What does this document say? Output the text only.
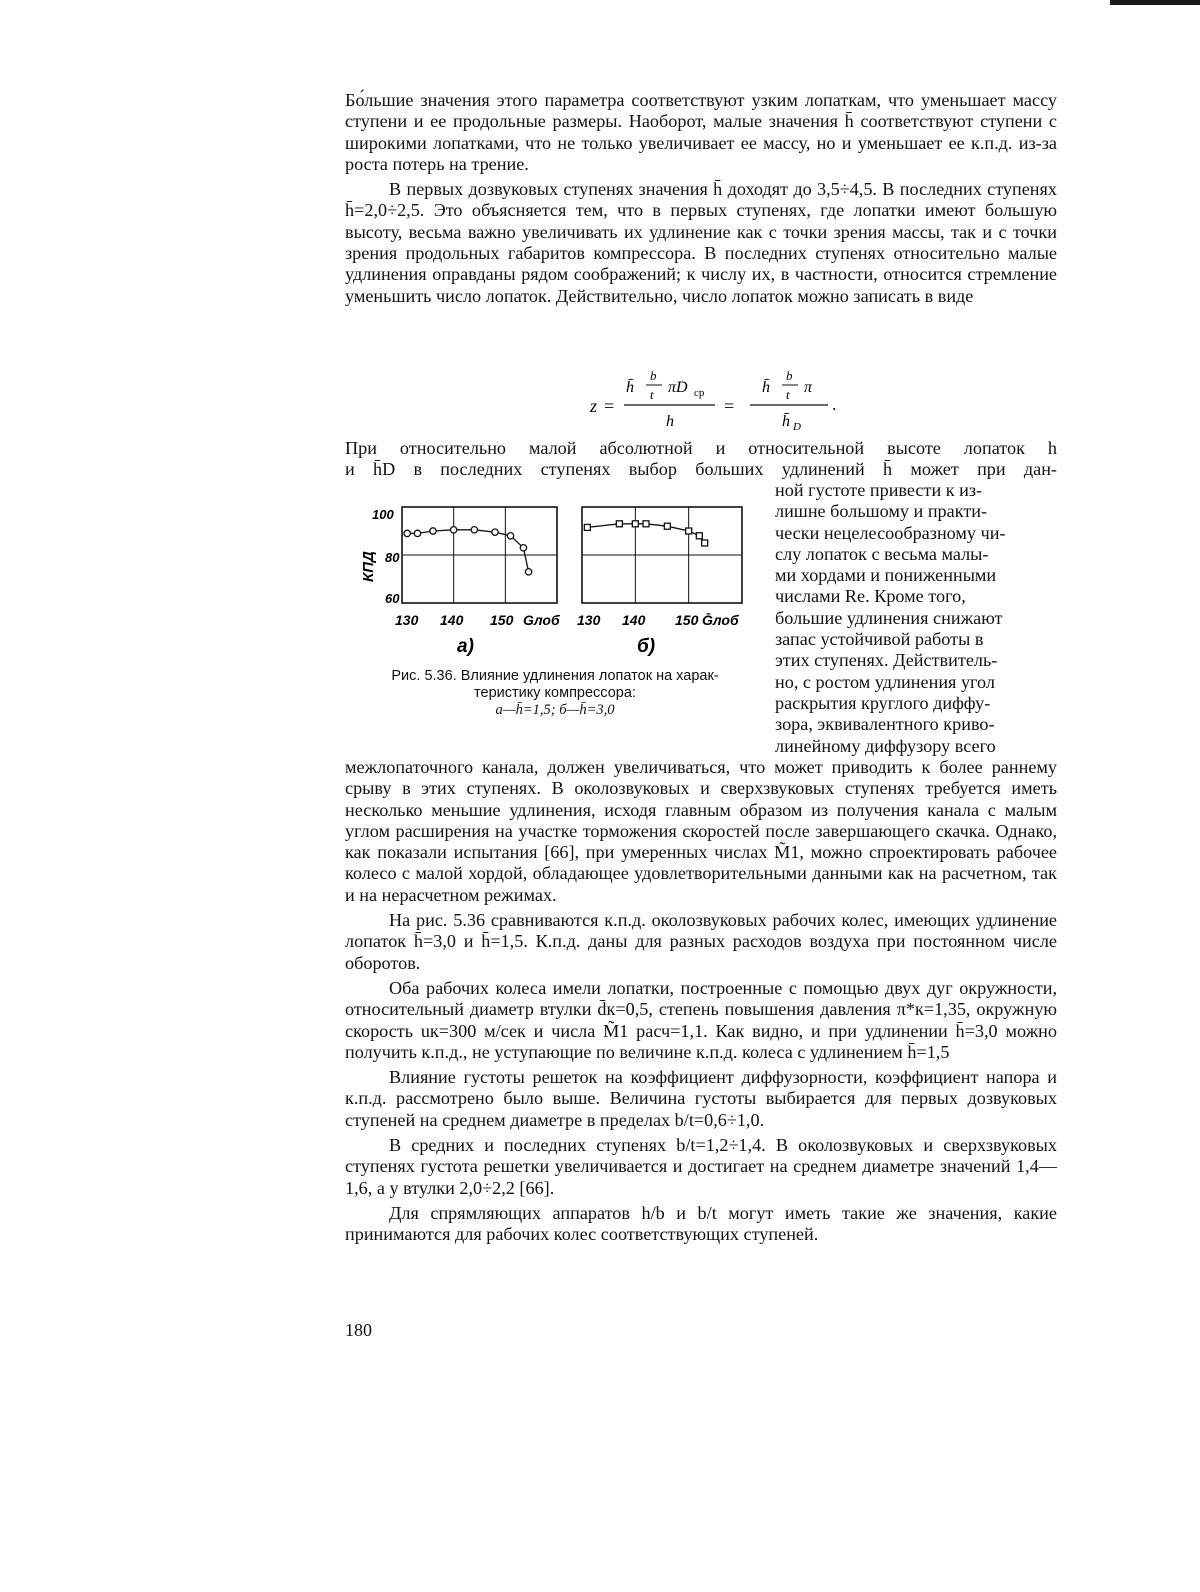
Бо́льшие значения этого параметра соответствуют узким лопаткам, что уменьшает массу ступени и ее продольные размеры. Наоборот, малые значения h̄ соответствуют ступени с широкими лопатками, что не только увеличивает ее массу, но и уменьшает ее к.п.д. из-за роста потерь на трение.

В первых дозвуковых ступенях значения h̄ доходят до 3,5÷4,5. В последних ступенях h̄=2,0÷2,5. Это объясняется тем, что в первых ступенях, где лопатки имеют большую высоту, весьма важно увеличивать их удлинение как с точки зрения массы, так и с точки зрения продольных габаритов компрессора. В последних ступенях относительно малые удлинения оправданы рядом соображений; к числу их, в частности, относится стремление уменьшить число лопаток. Действительно, число лопаток можно записать в виде

z =
h̄
b
t πD ср
h
=
h̄
b
t π
h̄ D
.

При относительно малой абсолютной и относительной высоте лопаток h

и h̄D в последних ступенях выбор больших удлинений h̄ может при дан-

КПД
100
80
60
130 140 150 Gлоб 130 140 150 Ḡлоб
а)	б)
Рис. 5.36. Влияние удлинения лопаток на харак-
теристику компрессора:
а—h̄=1,5; б—h̄=3,0

ной густоте привести к из-

лишне большому и практи-

чески нецелесообразному чи-

слу лопаток с весьма малы-

ми хордами и пониженными

числами Re. Кроме того,

большие удлинения снижают

запас устойчивой работы в

этих ступенях. Действитель-

но, с ростом удлинения угол

раскрытия круглого диффу-

зора, эквивалентного криво-

линейному диффузору всего

межлопаточного канала, должен увеличиваться, что может приводить к более раннему срыву в этих ступенях. В околозвуковых и сверхзвуковых ступенях требуется иметь несколько меньшие удлинения, исходя главным образом из получения канала с малым углом расширения на участке торможения скоростей после завершающего скачка. Однако, как показали испытания [66], при умеренных числах M̃1, можно спроектировать рабочее колесо с малой хордой, обладающее удовлетворительными данными как на расчетном, так и на нерасчетном режимах.

На рис. 5.36 сравниваются к.п.д. околозвуковых рабочих колес, имеющих удлинение лопаток h̄=3,0 и h̄=1,5. К.п.д. даны для разных расходов воздуха при постоянном числе оборотов.

Оба рабочих колеса имели лопатки, построенные с помощью двух дуг окружности, относительный диаметр втулки d̄к=0,5, степень повышения давления π*к=1,35, окружную скорость uк=300 м/сек и числа M̃1 расч=1,1. Как видно, и при удлинении h̄=3,0 можно получить к.п.д., не уступающие по величине к.п.д. колеса с удлинением h̄=1,5

Влияние густоты решеток на коэффициент диффузорности, коэффициент напора и к.п.д. рассмотрено было выше. Величина густоты выбирается для первых дозвуковых ступеней на среднем диаметре в пределах b/t=0,6÷1,0.

В средних и последних ступенях b/t=1,2÷1,4. В околозвуковых и сверхзвуковых ступенях густота решетки увеличивается и достигает на среднем диаметре значений 1,4—1,6, а у втулки 2,0÷2,2 [66].

Для спрямляющих аппаратов h/b и b/t могут иметь такие же значения, какие принимаются для рабочих колес соответствующих ступеней.

180
